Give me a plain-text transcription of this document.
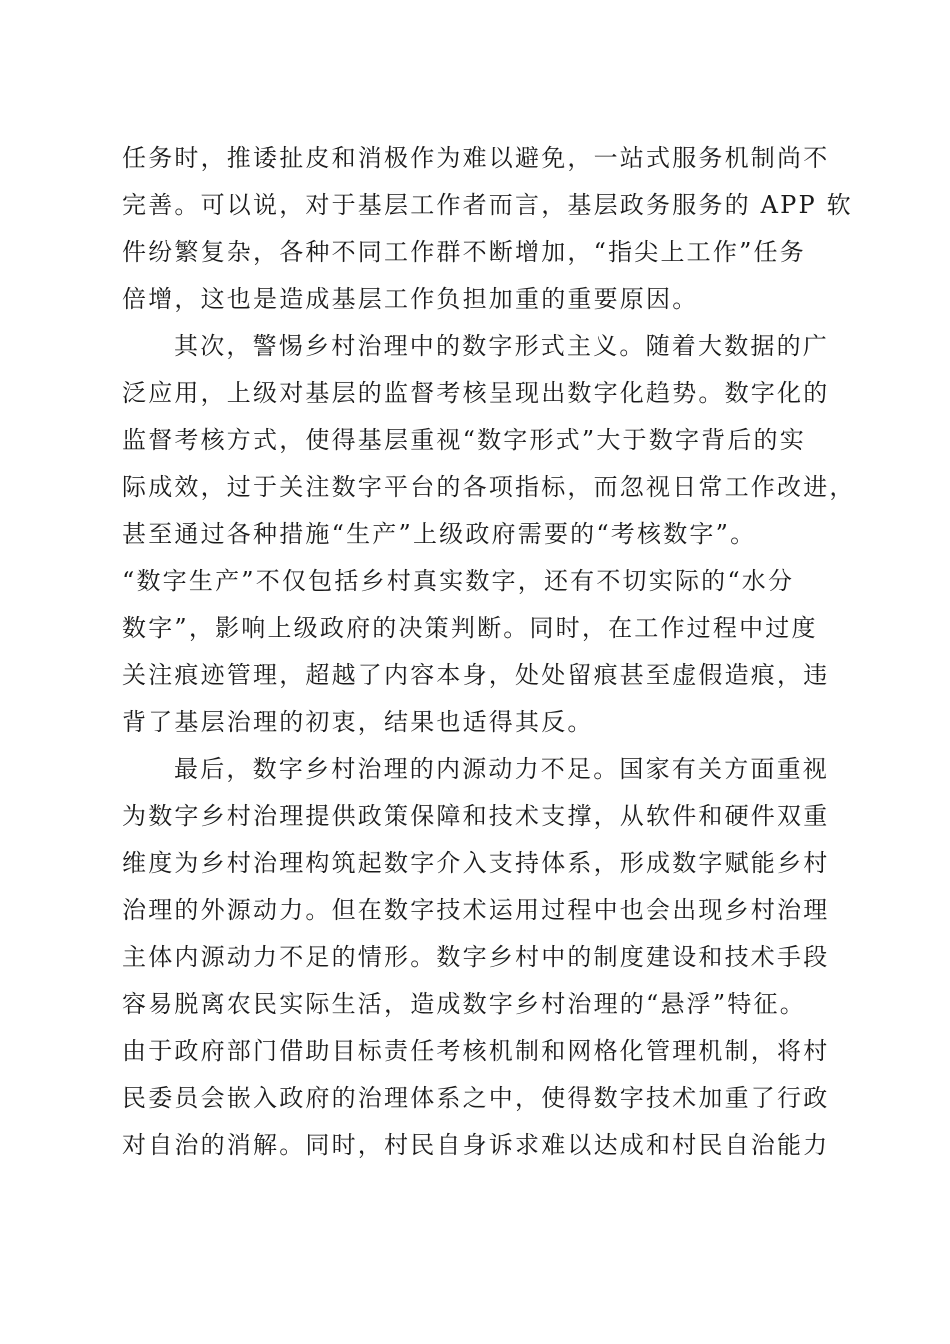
任务时，推诿扯皮和消极作为难以避免，一站式服务机制尚不
完善。可以说，对于基层工作者而言，基层政务服务的 APP 软
件纷繁复杂，各种不同工作群不断增加，“指尖上工作”任务
倍增，这也是造成基层工作负担加重的重要原因。
其次，警惕乡村治理中的数字形式主义。随着大数据的广
泛应用，上级对基层的监督考核呈现出数字化趋势。数字化的
监督考核方式，使得基层重视“数字形式”大于数字背后的实
际成效，过于关注数字平台的各项指标，而忽视日常工作改进，
甚至通过各种措施“生产”上级政府需要的“考核数字”。
“数字生产”不仅包括乡村真实数字，还有不切实际的“水分
数字”，影响上级政府的决策判断。同时，在工作过程中过度
关注痕迹管理，超越了内容本身，处处留痕甚至虚假造痕，违
背了基层治理的初衷，结果也适得其反。
最后，数字乡村治理的内源动力不足。国家有关方面重视
为数字乡村治理提供政策保障和技术支撑，从软件和硬件双重
维度为乡村治理构筑起数字介入支持体系，形成数字赋能乡村
治理的外源动力。但在数字技术运用过程中也会出现乡村治理
主体内源动力不足的情形。数字乡村中的制度建设和技术手段
容易脱离农民实际生活，造成数字乡村治理的“悬浮”特征。
由于政府部门借助目标责任考核机制和网格化管理机制，将村
民委员会嵌入政府的治理体系之中，使得数字技术加重了行政
对自治的消解。同时，村民自身诉求难以达成和村民自治能力
